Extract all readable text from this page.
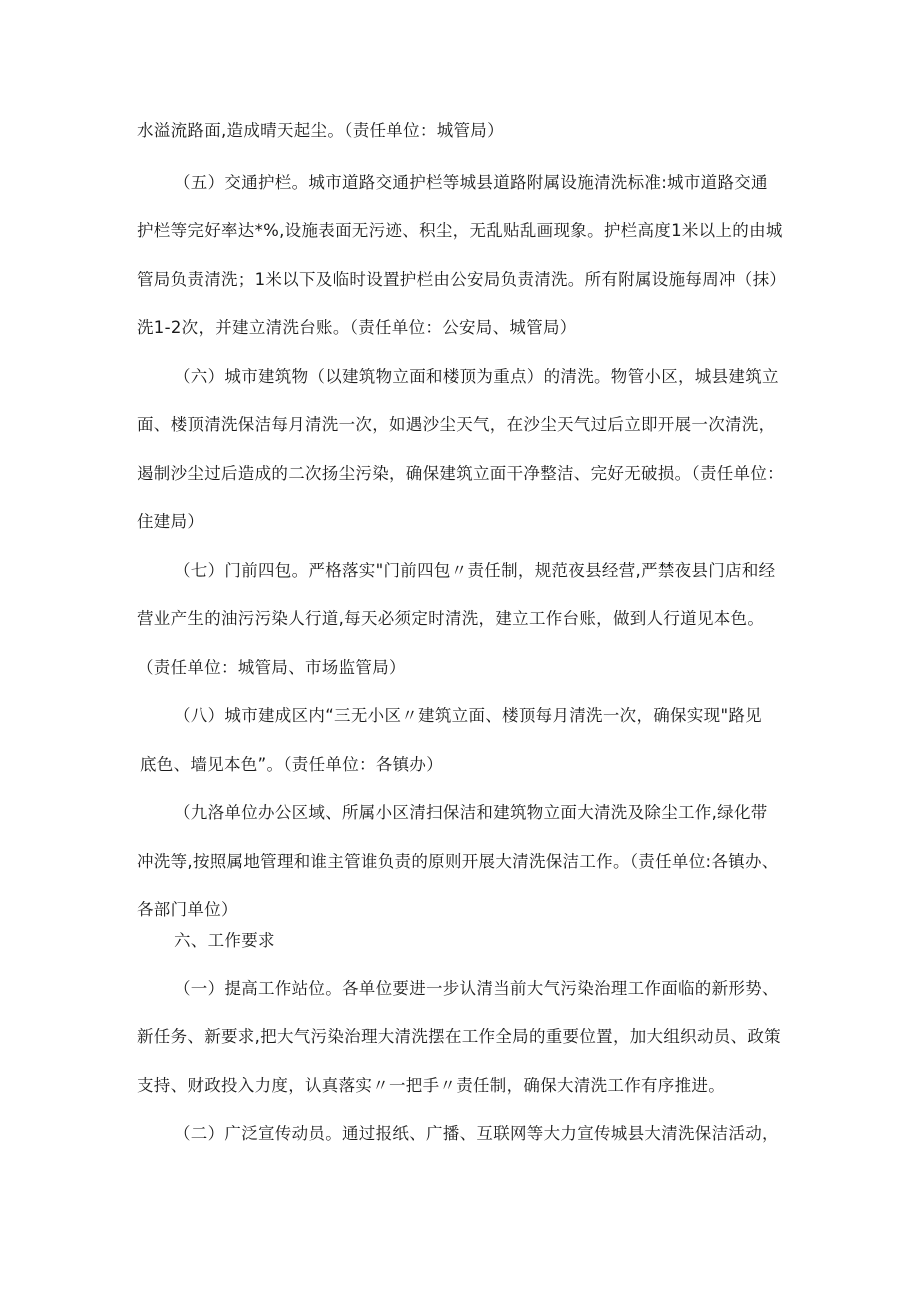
水溢流路面,造成晴天起尘。（责任单位：城管局）
（五）交通护栏。城市道路交通护栏等城县道路附属设施清洗标准:城市道路交通
护栏等完好率达*%,设施表面无污迹、积尘，无乱贴乱画现象。护栏高度1米以上的由城
管局负责清洗；1米以下及临时设置护栏由公安局负责清洗。所有附属设施每周冲（抹）
洗1-2次，并建立清洗台账。（责任单位：公安局、城管局）
（六）城市建筑物（以建筑物立面和楼顶为重点）的清洗。物管小区，城县建筑立
面、楼顶清洗保洁每月清洗一次，如遇沙尘天气，在沙尘天气过后立即开展一次清洗，
遏制沙尘过后造成的二次扬尘污染，确保建筑立面干净整洁、完好无破损。（责任单位：
住建局）
（七）门前四包。严格落实"门前四包〃责任制，规范夜县经营,严禁夜县门店和经
营业产生的油污污染人行道,每天必须定时清洗，建立工作台账，做到人行道见本色。
（责任单位：城管局、市场监管局）
（八）城市建成区内“三无小区〃建筑立面、楼顶每月清洗一次，确保实现"路见
底色、墙见本色”。（责任单位：各镇办）
（九洛单位办公区域、所属小区清扫保洁和建筑物立面大清洗及除尘工作,绿化带
冲洗等,按照属地管理和谁主管谁负责的原则开展大清洗保洁工作。（责任单位:各镇办、
各部门单位）
六、工作要求
（一）提高工作站位。各单位要进一步认清当前大气污染治理工作面临的新形势、
新任务、新要求,把大气污染治理大清洗摆在工作全局的重要位置，加大组织动员、政策
支持、财政投入力度，认真落实〃一把手〃责任制，确保大清洗工作有序推进。
（二）广泛宣传动员。通过报纸、广播、互联网等大力宣传城县大清洗保洁活动，
